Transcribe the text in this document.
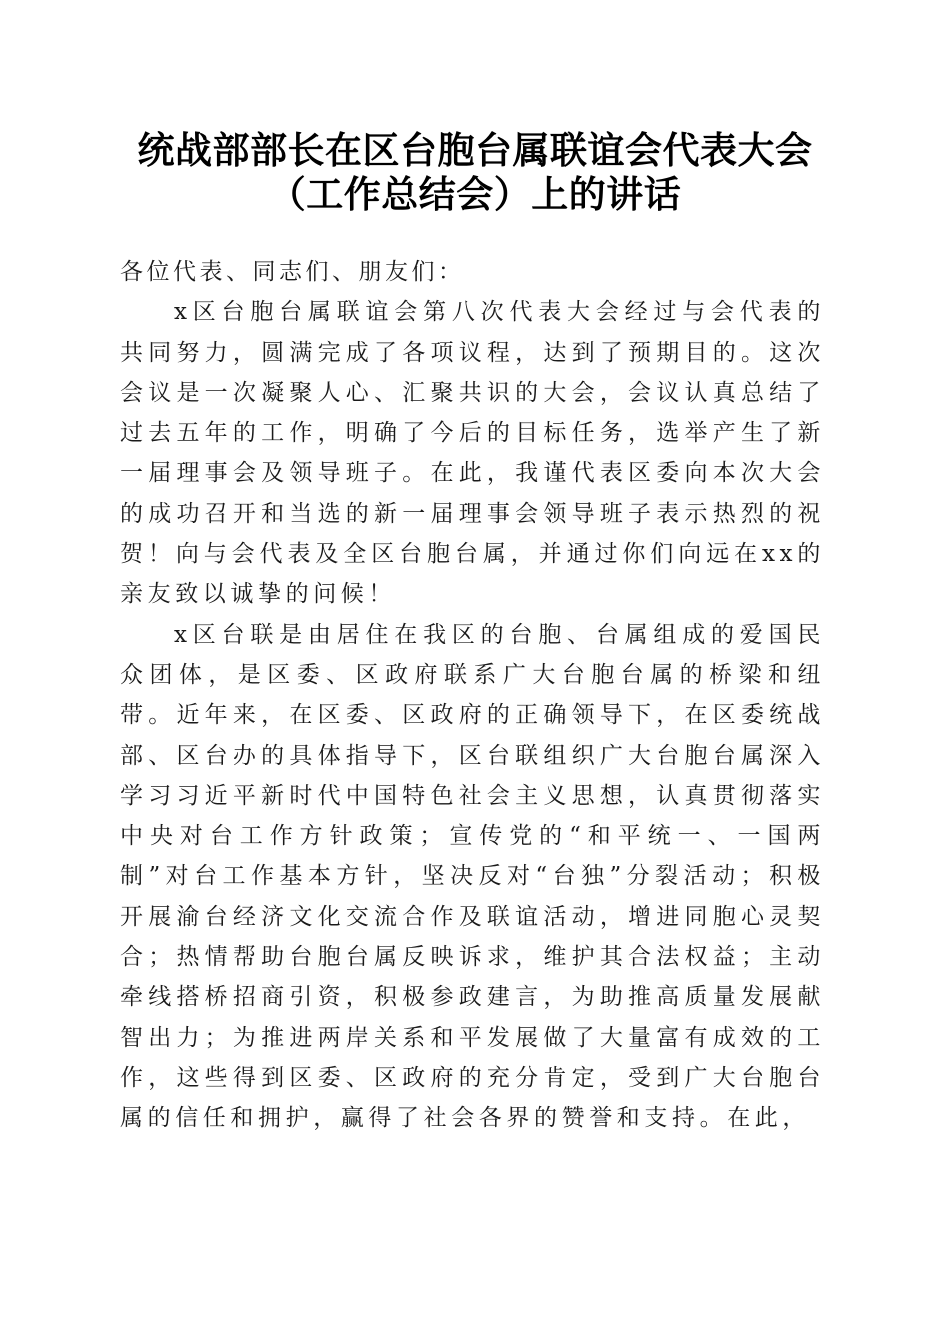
统战部部长在区台胞台属联谊会代表大会（工作总结会）上的讲话

各位代表、同志们、朋友们：

x区台胞台属联谊会第八次代表大会经过与会代表的共同努力，圆满完成了各项议程，达到了预期目的。这次会议是一次凝聚人心、汇聚共识的大会，会议认真总结了过去五年的工作，明确了今后的目标任务，选举产生了新一届理事会及领导班子。在此，我谨代表区委向本次大会的成功召开和当选的新一届理事会领导班子表示热烈的祝贺！向与会代表及全区台胞台属，并通过你们向远在xx的亲友致以诚挚的问候！

x区台联是由居住在我区的台胞、台属组成的爱国民众团体，是区委、区政府联系广大台胞台属的桥梁和纽带。近年来，在区委、区政府的正确领导下，在区委统战部、区台办的具体指导下，区台联组织广大台胞台属深入学习习近平新时代中国特色社会主义思想，认真贯彻落实中央对台工作方针政策；宣传党的“和平统一、一国两制”对台工作基本方针，坚决反对“台独”分裂活动；积极开展渝台经济文化交流合作及联谊活动，增进同胞心灵契合；热情帮助台胞台属反映诉求，维护其合法权益；主动牵线搭桥招商引资，积极参政建言，为助推高质量发展献智出力；为推进两岸关系和平发展做了大量富有成效的工作，这些得到区委、区政府的充分肯定，受到广大台胞台属的信任和拥护，赢得了社会各界的赞誉和支持。在此，
